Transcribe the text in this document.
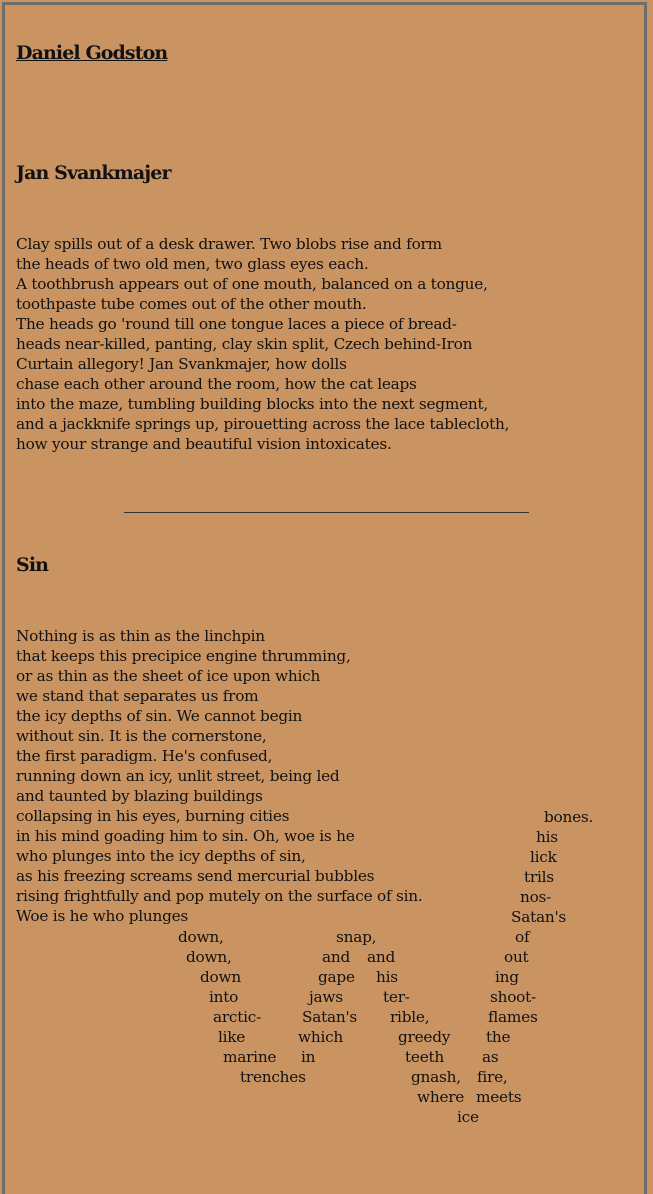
Daniel Godston
Jan Svankmajer
Clay spills out of a desk drawer. Two blobs rise and form
the heads of two old men, two glass eyes each.
A toothbrush appears out of one mouth, balanced on a tongue,
toothpaste tube comes out of the other mouth.
The heads go 'round till one tongue laces a piece of bread-
heads near-killed, panting, clay skin split, Czech behind-Iron
Curtain allegory! Jan Svankmajer, how dolls
chase each other around the room, how the cat leaps
into the maze, tumbling building blocks into the next segment,
and a jackknife springs up, pirouetting across the lace tablecloth,
how your strange and beautiful vision intoxicates.
Sin
Nothing is as thin as the linchpin
that keeps this precipice engine thrumming,
or as thin as the sheet of ice upon which
we stand that separates us from
the icy depths of sin. We cannot begin
without sin. It is the cornerstone,
the first paradigm. He's confused,
running down an icy, unlit street, being led
and taunted by blazing buildings
collapsing in his eyes, burning cities
in his mind goading him to sin. Oh, woe is he
who plunges into the icy depths of sin,
as his freezing screams send mercurial bubbles
rising frightfully and pop mutely on the surface of sin.
Woe is he who plunges
down,
down,
down
into
arctic-
like
marine
trenches
snap,
and
gape
jaws
Satan's
which
in
and
his
ter-
rible,
greedy
teeth
gnash,
where
bones.
his
lick
trils
nos-
Satan's
of
out
ing
shoot-
flames
the
as
fire,
meets
ice
